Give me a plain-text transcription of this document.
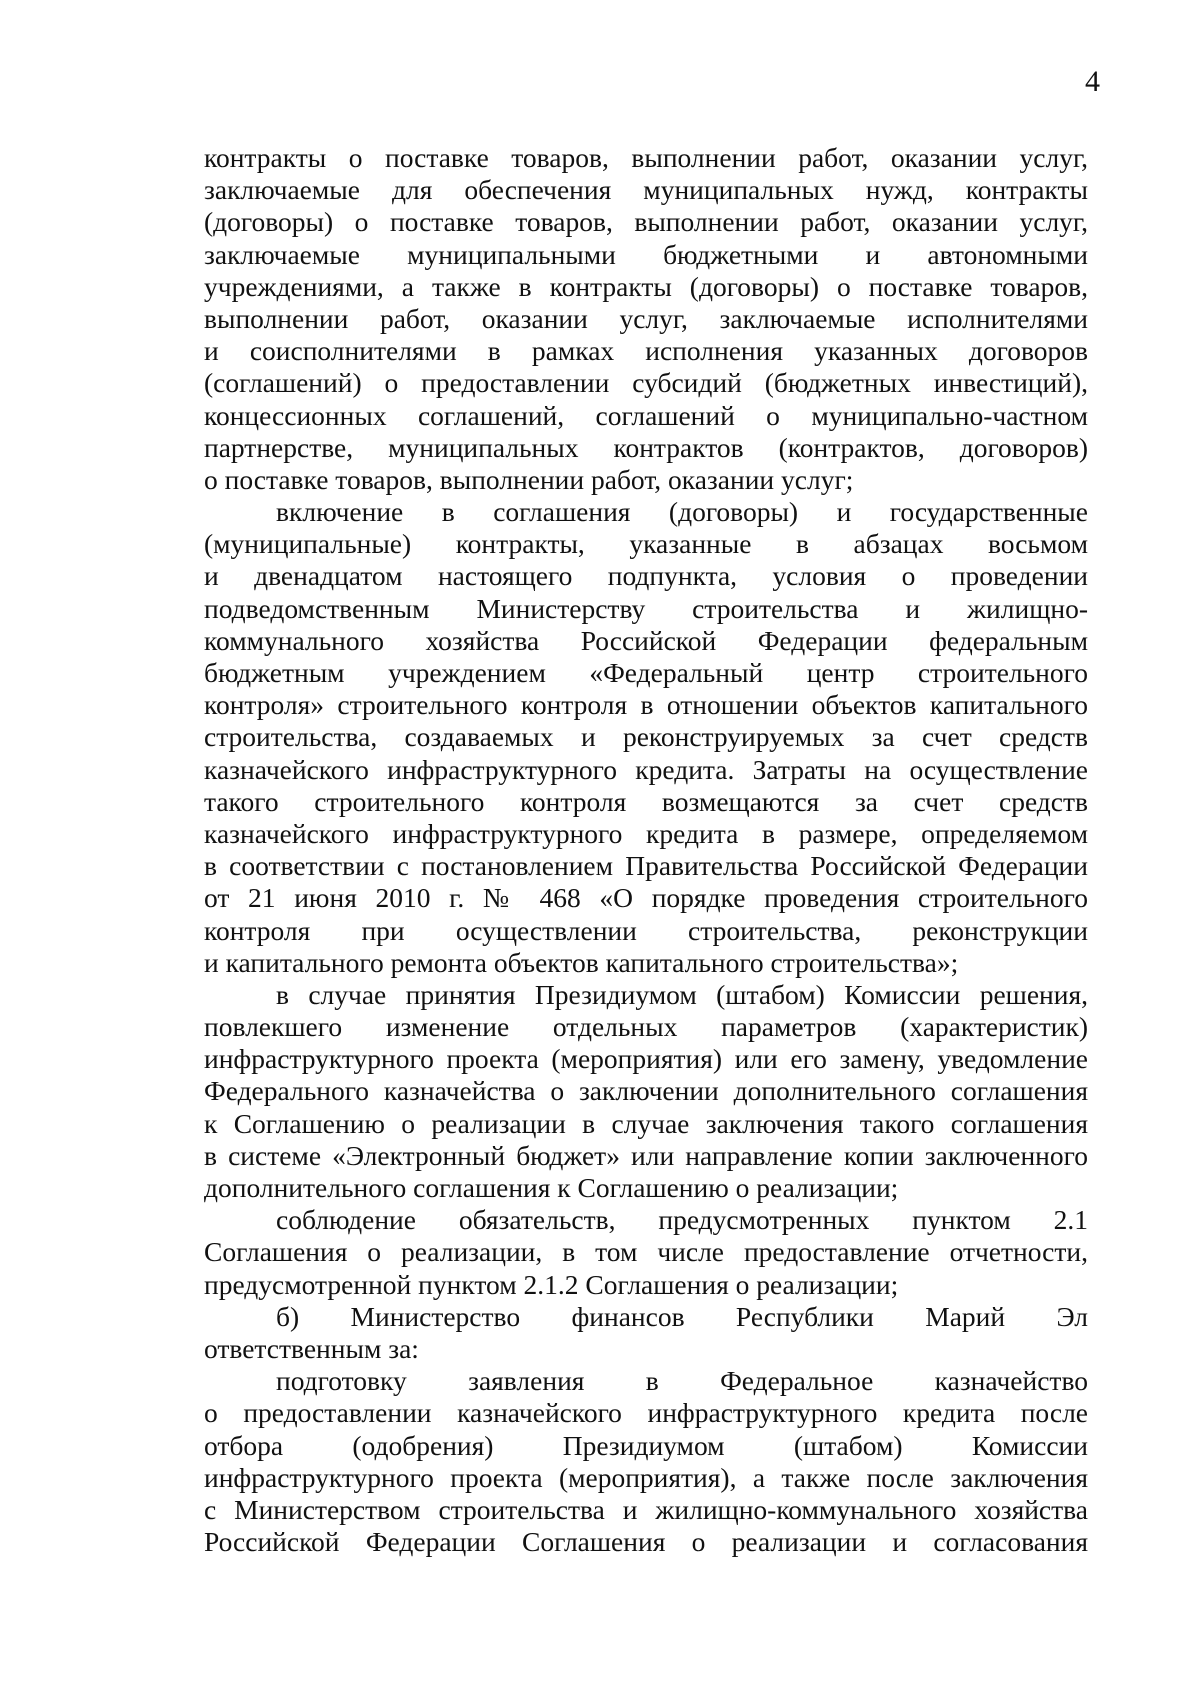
4
контракты о поставке товаров, выполнении работ, оказании услуг,
заключаемые для обеспечения муниципальных нужд, контракты
(договоры) о поставке товаров, выполнении работ, оказании услуг,
заключаемые муниципальными бюджетными и автономными
учреждениями, а также в контракты (договоры) о поставке товаров,
выполнении работ, оказании услуг, заключаемые исполнителями
и соисполнителями в рамках исполнения указанных договоров
(соглашений) о предоставлении субсидий (бюджетных инвестиций),
концессионных соглашений, соглашений о муниципально-частном
партнерстве, муниципальных контрактов (контрактов, договоров)
о поставке товаров, выполнении работ, оказании услуг;
включение в соглашения (договоры) и государственные
(муниципальные) контракты, указанные в абзацах восьмом
и двенадцатом настоящего подпункта, условия о проведении
подведомственным Министерству строительства и жилищно-
коммунального хозяйства Российской Федерации федеральным
бюджетным учреждением «Федеральный центр строительного
контроля» строительного контроля в отношении объектов капитального
строительства, создаваемых и реконструируемых за счет средств
казначейского инфраструктурного кредита. Затраты на осуществление
такого строительного контроля возмещаются за счет средств
казначейского инфраструктурного кредита в размере, определяемом
в соответствии с постановлением Правительства Российской Федерации
от 21 июня 2010 г. № 468 «О порядке проведения строительного
контроля при осуществлении строительства, реконструкции
и капитального ремонта объектов капитального строительства»;
в случае принятия Президиумом (штабом) Комиссии решения,
повлекшего изменение отдельных параметров (характеристик)
инфраструктурного проекта (мероприятия) или его замену, уведомление
Федерального казначейства о заключении дополнительного соглашения
к Соглашению о реализации в случае заключения такого соглашения
в системе «Электронный бюджет» или направление копии заключенного
дополнительного соглашения к Соглашению о реализации;
соблюдение обязательств, предусмотренных пунктом 2.1
Соглашения о реализации, в том числе предоставление отчетности,
предусмотренной пунктом 2.1.2 Соглашения о реализации;
б) Министерство финансов Республики Марий Эл
ответственным за:
подготовку заявления в Федеральное казначейство
о предоставлении казначейского инфраструктурного кредита после
отбора (одобрения) Президиумом (штабом) Комиссии
инфраструктурного проекта (мероприятия), а также после заключения
с Министерством строительства и жилищно-коммунального хозяйства
Российской Федерации Соглашения о реализации и согласования
